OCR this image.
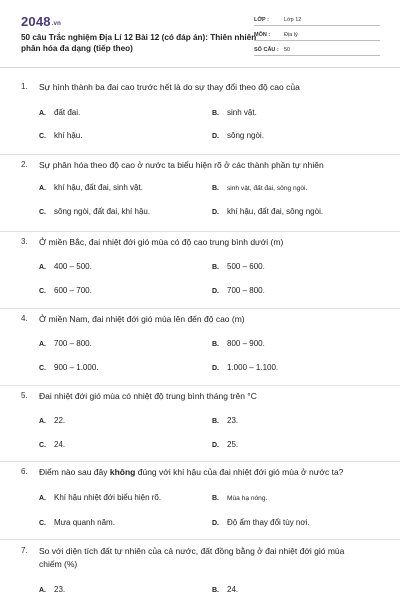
2048.vn
50 câu Trắc nghiệm Địa Lí 12 Bài 12 (có đáp án): Thiên nhiên phân hóa đa dạng (tiếp theo)
LỚP :	Lớp 12
MÔN :	Địa lý
SỐ CÂU : 50
1. Sự hình thành ba đai cao trước hết là do sự thay đổi theo độ cao của
A. đất đai.	B. sinh vật.
C. khí hậu.	D. sông ngòi.
2. Sự phân hóa theo độ cao ở nước ta biểu hiện rõ ở các thành phần tự nhiên
A. khí hậu, đất đai, sinh vật.	B. sinh vật, đất đai, sông ngòi.
C. sông ngòi, đất đai, khí hậu.	D. khí hậu, đất đai, sông ngòi.
3. Ở miền Bắc, đai nhiệt đới gió mùa có độ cao trung bình dưới (m)
A. 400 – 500.	B. 500 – 600.
C. 600 – 700.	D. 700 – 800.
4. Ở miền Nam, đai nhiệt đới gió mùa lên đến độ cao (m)
A. 700 – 800.	B. 800 – 900.
C. 900 – 1.000.	D. 1.000 – 1.100.
5. Đai nhiệt đới gió mùa có nhiệt độ trung bình tháng trên °C
A. 22.	B. 23.
C. 24.	D. 25.
6. Điểm nào sau đây không đúng với khí hậu của đai nhiệt đới gió mùa ở nước ta?
A. Khí hậu nhiệt đới biểu hiện rõ.	B. Mùa hạ nóng.
C. Mưa quanh năm.	D. Độ ẩm thay đổi tùy nơi.
7. So với diện tích đất tự nhiên của cả nước, đất đồng bằng ở đai nhiệt đới gió mùa chiếm (%)
A. 23.	B. 24.
